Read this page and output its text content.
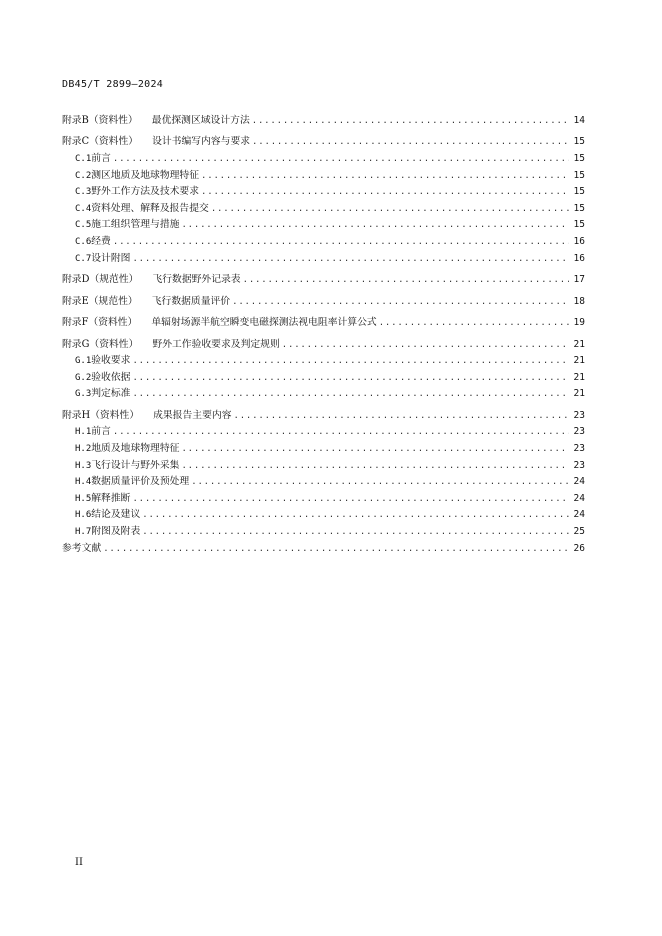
DB45/T 2899—2024
附录B（资料性） 最优探测区域设计方法 .....	14
附录C（资料性） 设计书编写内容与要求 .....	15
C.1 前言 .....	15
C.2 测区地质及地球物理特征 .....	15
C.3 野外工作方法及技术要求 .....	15
C.4 资料处理、解释及报告提交 .....	15
C.5 施工组织管理与措施 .....	15
C.6 经费 .....	16
C.7 设计附图 .....	16
附录D（规范性） 飞行数据野外记录表 .....	17
附录E（规范性） 飞行数据质量评价 .....	18
附录F（资料性） 单辐射场源半航空瞬变电磁探测法视电阻率计算公式 .....	19
附录G（资料性） 野外工作验收要求及判定规则 .....	21
G.1 验收要求 .....	21
G.2 验收依据 .....	21
G.3 判定标准 .....	21
附录H（资料性） 成果报告主要内容 .....	23
H.1 前言 .....	23
H.2 地质及地球物理特征 .....	23
H.3 飞行设计与野外采集 .....	23
H.4 数据质量评价及预处理 .....	24
H.5 解释推断 .....	24
H.6 结论及建议 .....	24
H.7 附图及附表 .....	25
参考文献 .....	26
II
